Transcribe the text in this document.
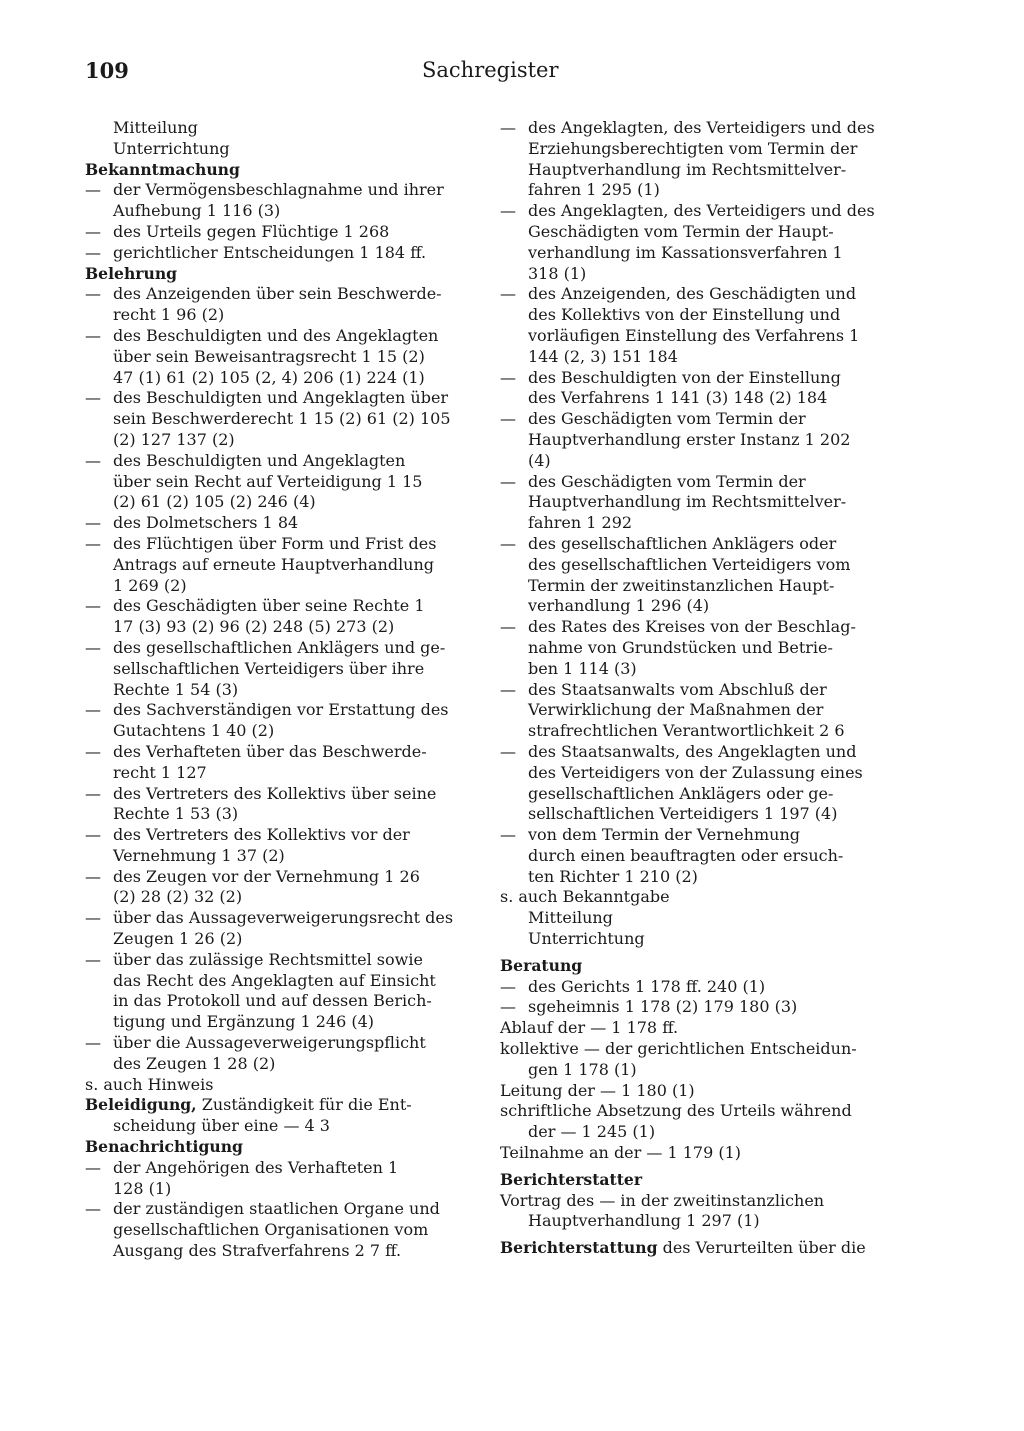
109	Sachregister
Mitteilung
Unterrichtung
Bekanntmachung
— der Vermögensbeschlagnahme und ihrer
Aufhebung 1 116 (3)
— des Urteils gegen Flüchtige 1 268
— gerichtlicher Entscheidungen 1 184 ff.
Belehrung
— des Anzeigenden über sein Beschwerde-
recht 1 96 (2)
— des Beschuldigten und des Angeklagten
über sein Beweisantragsrecht 1 15 (2)
47 (1) 61 (2) 105 (2, 4) 206 (1) 224 (1)
— des Beschuldigten und Angeklagten über
sein Beschwerderecht 1 15 (2) 61 (2) 105
(2) 127 137 (2)
— des Beschuldigten und Angeklagten
über sein Recht auf Verteidigung 1 15
(2) 61 (2) 105 (2) 246 (4)
— des Dolmetschers 1 84
— des Flüchtigen über Form und Frist des
Antrags auf erneute Hauptverhandlung
1 269 (2)
— des Geschädigten über seine Rechte 1
17 (3) 93 (2) 96 (2) 248 (5) 273 (2)
— des gesellschaftlichen Anklägers und ge-
sellschaftlichen Verteidigers über ihre
Rechte 1 54 (3)
— des Sachverständigen vor Erstattung des
Gutachtens 1 40 (2)
— des Verhafteten über das Beschwerde-
recht 1 127
— des Vertreters des Kollektivs über seine
Rechte 1 53 (3)
— des Vertreters des Kollektivs vor der
Vernehmung 1 37 (2)
— des Zeugen vor der Vernehmung 1 26
(2) 28 (2) 32 (2)
— über das Aussageverweigerungsrecht des
Zeugen 1 26 (2)
— über das zulässige Rechtsmittel sowie
das Recht des Angeklagten auf Einsicht
in das Protokoll und auf dessen Berich-
tigung und Ergänzung 1 246 (4)
— über die Aussageverweigerungspflicht
des Zeugen 1 28 (2)
s. auch Hinweis
Beleidigung, Zuständigkeit für die Ent-
scheidung über eine — 4 3
Benachrichtigung
— der Angehörigen des Verhafteten 1
128 (1)
— der zuständigen staatlichen Organe und
gesellschaftlichen Organisationen vom
Ausgang des Strafverfahrens 2 7 ff.
— des Angeklagten, des Verteidigers und des
Erziehungsberechtigten vom Termin der
Hauptverhandlung im Rechtsmittelver-
fahren 1 295 (1)
— des Angeklagten, des Verteidigers und des
Geschädigten vom Termin der Haupt-
verhandlung im Kassationsverfahren 1
318 (1)
— des Anzeigenden, des Geschädigten und
des Kollektivs von der Einstellung und
vorläufigen Einstellung des Verfahrens 1
144 (2, 3) 151 184
— des Beschuldigten von der Einstellung
des Verfahrens 1 141 (3) 148 (2) 184
— des Geschädigten vom Termin der
Hauptverhandlung erster Instanz 1 202
(4)
— des Geschädigten vom Termin der
Hauptverhandlung im Rechtsmittelver-
fahren 1 292
— des gesellschaftlichen Anklägers oder
des gesellschaftlichen Verteidigers vom
Termin der zweitinstanzlichen Haupt-
verhandlung 1 296 (4)
— des Rates des Kreises von der Beschlag-
nahme von Grundstücken und Betrie-
ben 1 114 (3)
— des Staatsanwalts vom Abschluß der
Verwirklichung der Maßnahmen der
strafrechtlichen Verantwortlichkeit 2 6
— des Staatsanwalts, des Angeklagten und
des Verteidigers von der Zulassung eines
gesellschaftlichen Anklägers oder ge-
sellschaftlichen Verteidigers 1 197 (4)
— von dem Termin der Vernehmung
durch einen beauftragten oder ersuch-
ten Richter 1 210 (2)
s. auch Bekanntgabe
Mitteilung
Unterrichtung
Beratung
— des Gerichts 1 178 ff. 240 (1)
— sgeheimnis 1 178 (2) 179 180 (3)
Ablauf der — 1 178 ff.
kollektive — der gerichtlichen Entscheidun-
gen 1 178 (1)
Leitung der — 1 180 (1)
schriftliche Absetzung des Urteils während
der — 1 245 (1)
Teilnahme an der — 1 179 (1)
Berichterstatter
Vortrag des — in der zweitinstanzlichen
Hauptverhandlung 1 297 (1)
Berichterstattung des Verurteilten über die
